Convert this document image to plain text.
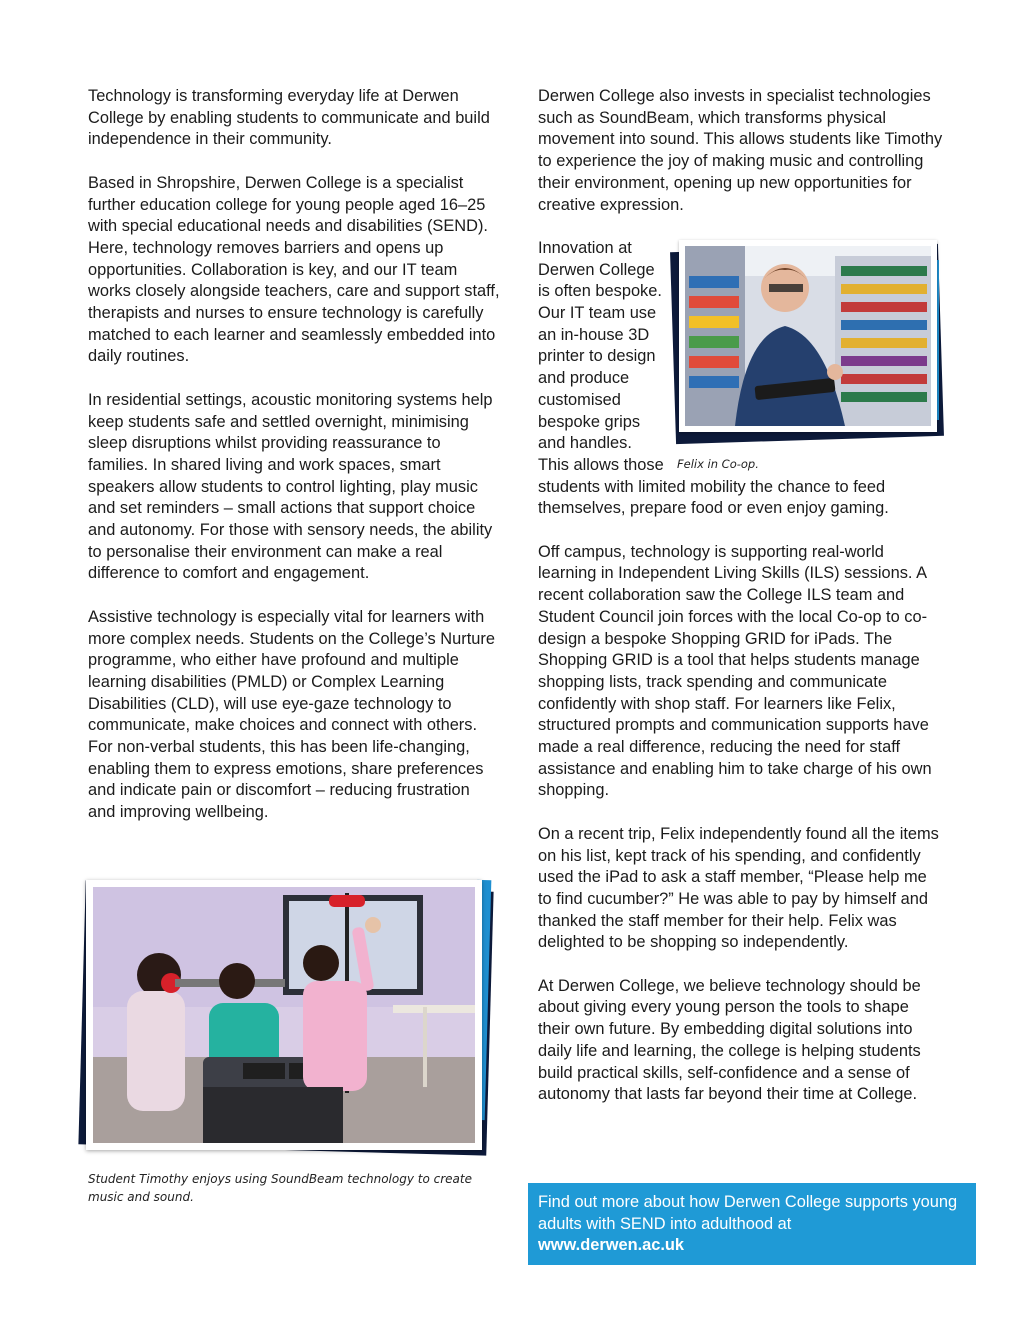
Technology is transforming everyday life at Derwen College by enabling students to communicate and build independence in their community.

Based in Shropshire, Derwen College is a specialist further education college for young people aged 16–25 with special educational needs and disabilities (SEND). Here, technology removes barriers and opens up opportunities. Collaboration is key, and our IT team works closely alongside teachers, care and support staff, therapists and nurses to ensure technology is carefully matched to each learner and seamlessly embedded into daily routines.

In residential settings, acoustic monitoring systems help keep students safe and settled overnight, minimising sleep disruptions whilst providing reassurance to families. In shared living and work spaces, smart speakers allow students to control lighting, play music and set reminders – small actions that support choice and autonomy. For those with sensory needs, the ability to personalise their environment can make a real difference to comfort and engagement.

Assistive technology is especially vital for learners with more complex needs. Students on the College’s Nurture programme, who either have profound and multiple learning disabilities (PMLD) or Complex Learning Disabilities (CLD), will use eye-gaze technology to communicate, make choices and connect with others. For non-verbal students, this has been life-changing, enabling them to express emotions, share preferences and indicate pain or discomfort – reducing frustration and improving wellbeing.

Student Timothy enjoys using SoundBeam technology to create music and sound.

Derwen College also invests in specialist technologies such as SoundBeam, which transforms physical movement into sound. This allows students like Timothy to experience the joy of making music and controlling their environment, opening up new opportunities for creative expression.

Felix in Co-op.

Innovation at Derwen College is often bespoke. Our IT team use an in-house 3D printer to design and produce customised bespoke grips and handles. This allows those students with limited mobility the chance to feed themselves, prepare food or even enjoy gaming.

Off campus, technology is supporting real-world learning in Independent Living Skills (ILS) sessions. A recent collaboration saw the College ILS team and Student Council join forces with the local Co-op to co-design a bespoke Shopping GRID for iPads. The Shopping GRID is a tool that helps students manage shopping lists, track spending and communicate confidently with shop staff. For learners like Felix, structured prompts and communication supports have made a real difference, reducing the need for staff assistance and enabling him to take charge of his own shopping.

On a recent trip, Felix independently found all the items on his list, kept track of his spending, and confidently used the iPad to ask a staff member, “Please help me to find cucumber?” He was able to pay by himself and thanked the staff member for their help. Felix was delighted to be shopping so independently.

At Derwen College, we believe technology should be about giving every young person the tools to shape their own future. By embedding digital solutions into daily life and learning, the college is helping students build practical skills, self-confidence and a sense of autonomy that lasts far beyond their time at College.

Find out more about how Derwen College supports young adults with SEND into adulthood at
www.derwen.ac.uk
